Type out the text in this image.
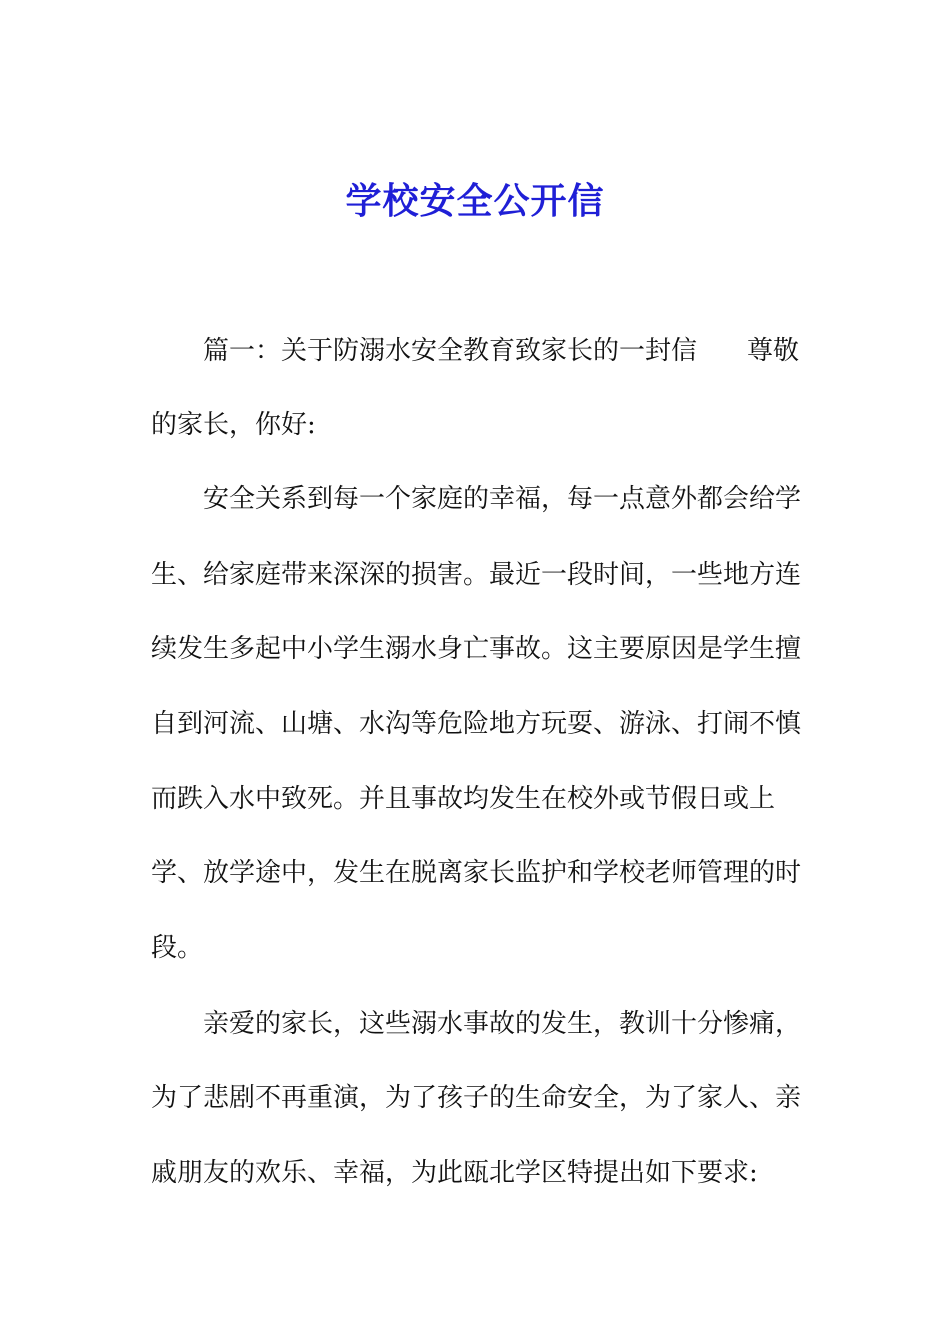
学校安全公开信

篇一：关于防溺水安全教育致家长的一封信 尊敬

的家长，你好:

安全关系到每一个家庭的幸福，每一点意外都会给学

生、给家庭带来深深的损害。最近一段时间，一些地方连

续发生多起中小学生溺水身亡事故。这主要原因是学生擅

自到河流、山塘、水沟等危险地方玩耍、游泳、打闹不慎

而跌入水中致死。并且事故均发生在校外或节假日或上

学、放学途中，发生在脱离家长监护和学校老师管理的时

段。

亲爱的家长，这些溺水事故的发生，教训十分惨痛，

为了悲剧不再重演，为了孩子的生命安全，为了家人、亲

戚朋友的欢乐、幸福，为此瓯北学区特提出如下要求:
